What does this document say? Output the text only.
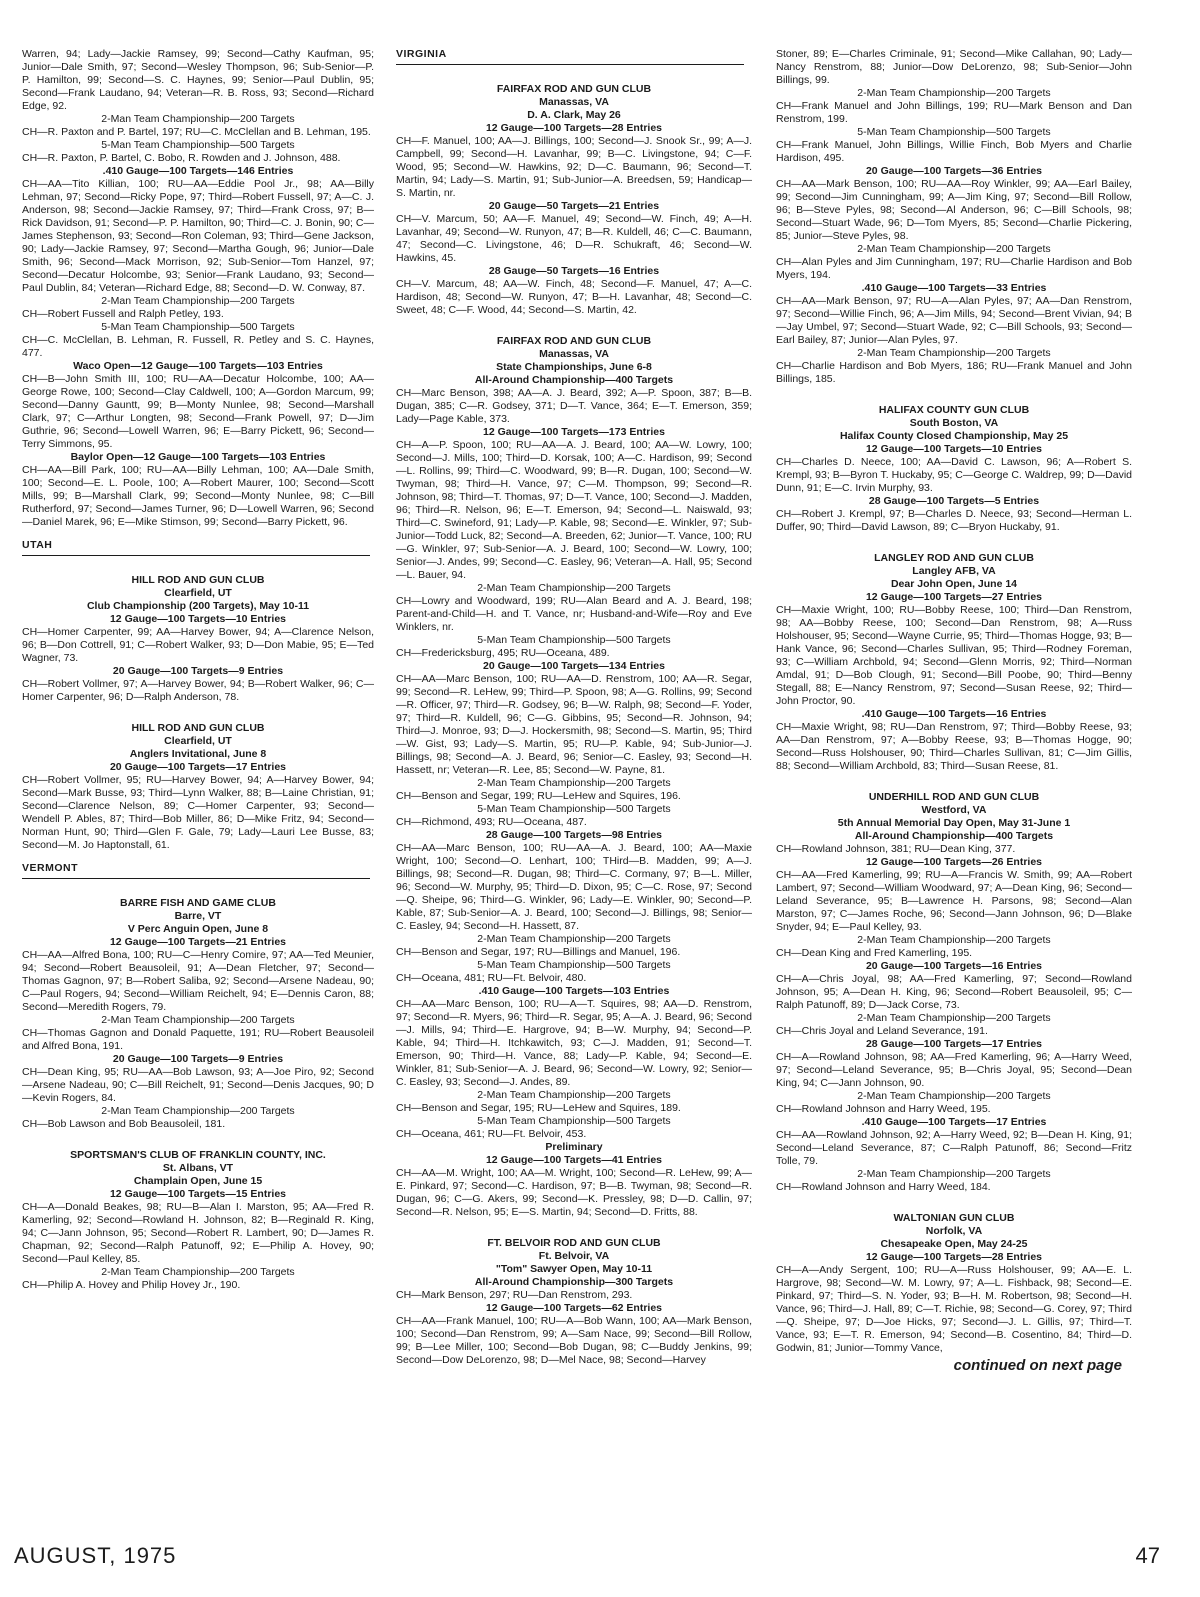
Warren, 94; Lady—Jackie Ramsey, 99; Second—Cathy Kaufman, 95; Junior—Dale Smith, 97; Second—Wesley Thompson, 96; Sub-Senior—P. P. Hamilton, 99; Second—S. C. Haynes, 99; Senior—Paul Dublin, 95; Second—Frank Laudano, 94; Veteran—R. B. Ross, 93; Second—Richard Edge, 92.
2-Man Team Championship—200 Targets
CH—R. Paxton and P. Bartel, 197; RU—C. McClellan and B. Lehman, 195.
5-Man Team Championship—500 Targets
CH—R. Paxton, P. Bartel, C. Bobo, R. Rowden and J. Johnson, 488.
.410 Gauge—100 Targets—146 Entries
CH—AA—Tito Killian, 100; RU—AA—Eddie Pool Jr., 98; AA—Billy Lehman, 97; Second—Ricky Pope, 97; Third—Robert Fussell, 97; A—C. J. Anderson, 98; Second—Jackie Ramsey, 97; Third—Frank Cross, 97; B—Rick Davidson, 91; Second—P. P. Hamilton, 90; Third—C. J. Bonin, 90; C—James Stephenson, 93; Second—Ron Coleman, 93; Third—Gene Jackson, 90; Lady—Jackie Ramsey, 97; Second—Martha Gough, 96; Junior—Dale Smith, 96; Second—Mack Morrison, 92; Sub-Senior—Tom Hanzel, 97; Second—Decatur Holcombe, 93; Senior—Frank Laudano, 93; Second—Paul Dublin, 84; Veteran—Richard Edge, 88; Second—D. W. Conway, 87.
2-Man Team Championship—200 Targets
CH—Robert Fussell and Ralph Petley, 193.
5-Man Team Championship—500 Targets
CH—C. McClellan, B. Lehman, R. Fussell, R. Petley and S. C. Haynes, 477.
Waco Open—12 Gauge—100 Targets—103 Entries
CH—B—John Smith III, 100; RU—AA—Decatur Holcombe, 100; AA—George Rowe, 100; Second—Clay Caldwell, 100; A—Gordon Marcum, 99; Second—Danny Gauntt, 99; B—Monty Nunlee, 98; Second—Marshall Clark, 97; C—Arthur Longten, 98; Second—Frank Powell, 97; D—Jim Guthrie, 96; Second—Lowell Warren, 96; E—Barry Pickett, 96; Second—Terry Simmons, 95.
Baylor Open—12 Gauge—100 Targets—103 Entries
CH—AA—Bill Park, 100; RU—AA—Billy Lehman, 100; AA—Dale Smith, 100; Second—E. L. Poole, 100; A—Robert Maurer, 100; Second—Scott Mills, 99; B—Marshall Clark, 99; Second—Monty Nunlee, 98; C—Bill Rutherford, 97; Second—James Turner, 96; D—Lowell Warren, 96; Second—Daniel Marek, 96; E—Mike Stimson, 99; Second—Barry Pickett, 96.
UTAH
HILL ROD AND GUN CLUB
Clearfield, UT
Club Championship (200 Targets), May 10-11
12 Gauge—100 Targets—10 Entries
CH—Homer Carpenter, 99; AA—Harvey Bower, 94; A—Clarence Nelson, 96; B—Don Cottrell, 91; C—Robert Walker, 93; D—Don Mabie, 95; E—Ted Wagner, 73.
20 Gauge—100 Targets—9 Entries
CH—Robert Vollmer, 97; A—Harvey Bower, 94; B—Robert Walker, 96; C—Homer Carpenter, 96; D—Ralph Anderson, 78.
HILL ROD AND GUN CLUB
Clearfield, UT
Anglers Invitational, June 8
20 Gauge—100 Targets—17 Entries
CH—Robert Vollmer, 95; RU—Harvey Bower, 94; A—Harvey Bower, 94; Second—Mark Busse, 93; Third—Lynn Walker, 88; B—Laine Christian, 91; Second—Clarence Nelson, 89; C—Homer Carpenter, 93; Second—Wendell P. Ables, 87; Third—Bob Miller, 86; D—Mike Fritz, 94; Second—Norman Hunt, 90; Third—Glen F. Gale, 79; Lady—Lauri Lee Busse, 83; Second—M. Jo Haptonstall, 61.
VERMONT
BARRE FISH AND GAME CLUB
Barre, VT
V Perc Anguin Open, June 8
12 Gauge—100 Targets—21 Entries
CH—AA—Alfred Bona, 100; RU—C—Henry Comire, 97; AA—Ted Meunier, 94; Second—Robert Beausoleil, 91; A—Dean Fletcher, 97; Second—Thomas Gagnon, 97; B—Robert Saliba, 92; Second—Arsene Nadeau, 90; C—Paul Rogers, 94; Second—William Reichelt, 94; E—Dennis Caron, 88; Second—Meredith Rogers, 79.
2-Man Team Championship—200 Targets
CH—Thomas Gagnon and Donald Paquette, 191; RU—Robert Beausoleil and Alfred Bona, 191.
20 Gauge—100 Targets—9 Entries
CH—Dean King, 95; RU—AA—Bob Lawson, 93; A—Joe Piro, 92; Second—Arsene Nadeau, 90; C—Bill Reichelt, 91; Second—Denis Jacques, 90; D—Kevin Rogers, 84.
2-Man Team Championship—200 Targets
CH—Bob Lawson and Bob Beausoleil, 181.
SPORTSMAN'S CLUB OF FRANKLIN COUNTY, INC.
St. Albans, VT
Champlain Open, June 15
12 Gauge—100 Targets—15 Entries
CH—A—Donald Beakes, 98; RU—B—Alan I. Marston, 95; AA—Fred R. Kamerling, 92; Second—Rowland H. Johnson, 82; B—Reginald R. King, 94; C—Jann Johnson, 95; Second—Robert R. Lambert, 90; D—James R. Chapman, 92; Second—Ralph Patunoff, 92; E—Philip A. Hovey, 90; Second—Paul Kelley, 85.
2-Man Team Championship—200 Targets
CH—Philip A. Hovey and Philip Hovey Jr., 190.
VIRGINIA
FAIRFAX ROD AND GUN CLUB
Manassas, VA
D. A. Clark, May 26
12 Gauge—100 Targets—28 Entries
CH—F. Manuel, 100; AA—J. Billings, 100; Second—J. Snook Sr., 99; A—J. Campbell, 99; Second—H. Lavanhar, 99; B—C. Livingstone, 94; C—F. Wood, 95; Second—W. Hawkins, 92; D—C. Baumann, 96; Second—T. Martin, 94; Lady—S. Martin, 91; Sub-Junior—A. Breedsen, 59; Handicap—S. Martin, nr.
20 Gauge—50 Targets—21 Entries
CH—V. Marcum, 50; AA—F. Manuel, 49; Second—W. Finch, 49; A—H. Lavanhar, 49; Second—W. Runyon, 47; B—R. Kuldell, 46; C—C. Baumann, 47; Second—C. Livingstone, 46; D—R. Schukraft, 46; Second—W. Hawkins, 45.
28 Gauge—50 Targets—16 Entries
CH—V. Marcum, 48; AA—W. Finch, 48; Second—F. Manuel, 47; A—C. Hardison, 48; Second—W. Runyon, 47; B—H. Lavanhar, 48; Second—C. Sweet, 48; C—F. Wood, 44; Second—S. Martin, 42.
FAIRFAX ROD AND GUN CLUB
Manassas, VA
State Championships, June 6-8
All-Around Championship—400 Targets
CH—Marc Benson, 398; AA—A. J. Beard, 392; A—P. Spoon, 387; B—B. Dugan, 385; C—R. Godsey, 371; D—T. Vance, 364; E—T. Emerson, 359; Lady—Page Kable, 373.
12 Gauge—100 Targets—173 Entries
CH—A—P. Spoon, 100; RU—AA—A. J. Beard, 100; AA—W. Lowry, 100; Second—J. Mills, 100; Third—D. Korsak, 100; A—C. Hardison, 99; Second—L. Rollins, 99; Third—C. Woodward, 99; B—R. Dugan, 100; Second—W. Twyman, 98; Third—H. Vance, 97; C—M. Thompson, 99; Second—R. Johnson, 98; Third—T. Thomas, 97; D—T. Vance, 100; Second—J. Madden, 96; Third—R. Nelson, 96; E—T. Emerson, 94; Second—L. Naiswald, 93; Third—C. Swineford, 91; Lady—P. Kable, 98; Second—E. Winkler, 97; Sub-Junior—Todd Luck, 82; Second—A. Breeden, 62; Junior—T. Vance, 100; RU—G. Winkler, 97; Sub-Senior—A. J. Beard, 100; Second—W. Lowry, 100; Senior—J. Andes, 99; Second—C. Easley, 96; Veteran—A. Hall, 95; Second—L. Bauer, 94.
2-Man Team Championship—200 Targets
CH—Lowry and Woodward, 199; RU—Alan Beard and A. J. Beard, 198; Parent-and-Child—H. and T. Vance, nr; Husband-and-Wife—Roy and Eve Winklers, nr.
5-Man Team Championship—500 Targets
CH—Fredericksburg, 495; RU—Oceana, 489.
20 Gauge—100 Targets—134 Entries
CH—AA—Marc Benson, 100; RU—AA—D. Renstrom, 100; AA—R. Segar, 99; Second—R. LeHew, 99; Third—P. Spoon, 98; A—G. Rollins, 99; Second—R. Officer, 97; Third—R. Godsey, 96; B—W. Ralph, 98; Second—F. Yoder, 97; Third—R. Kuldell, 96; C—G. Gibbins, 95; Second—R. Johnson, 94; Third—J. Monroe, 93; D—J. Hockersmith, 98; Second—S. Martin, 95; Third—W. Gist, 93; Lady—S. Martin, 95; RU—P. Kable, 94; Sub-Junior—J. Billings, 98; Second—A. J. Beard, 96; Senior—C. Easley, 93; Second—H. Hassett, nr; Veteran—R. Lee, 85; Second—W. Payne, 81.
2-Man Team Championship—200 Targets
CH—Benson and Segar, 199; RU—LeHew and Squires, 196.
5-Man Team Championship—500 Targets
CH—Richmond, 493; RU—Oceana, 487.
28 Gauge—100 Targets—98 Entries
CH—AA—Marc Benson, 100; RU—AA—A. J. Beard, 100; AA—Maxie Wright, 100; Second—O. Lenhart, 100; THird—B. Madden, 99; A—J. Billings, 98; Second—R. Dugan, 98; Third—C. Cormany, 97; B—L. Miller, 96; Second—W. Murphy, 95; Third—D. Dixon, 95; C—C. Rose, 97; Second—Q. Sheipe, 96; Third—G. Winkler, 96; Lady—E. Winkler, 90; Second—P. Kable, 87; Sub-Senior—A. J. Beard, 100; Second—J. Billings, 98; Senior—C. Easley, 94; Second—H. Hassett, 87.
2-Man Team Championship—200 Targets
CH—Benson and Segar, 197; RU—Billings and Manuel, 196.
5-Man Team Championship—500 Targets
CH—Oceana, 481; RU—Ft. Belvoir, 480.
.410 Gauge—100 Targets—103 Entries
CH—AA—Marc Benson, 100; RU—A—T. Squires, 98; AA—D. Renstrom, 97; Second—R. Myers, 96; Third—R. Segar, 95; A—A. J. Beard, 96; Second—J. Mills, 94; Third—E. Hargrove, 94; B—W. Murphy, 94; Second—P. Kable, 94; Third—H. Itchkawitch, 93; C—J. Madden, 91; Second—T. Emerson, 90; Third—H. Vance, 88; Lady—P. Kable, 94; Second—E. Winkler, 81; Sub-Senior—A. J. Beard, 96; Second—W. Lowry, 92; Senior—C. Easley, 93; Second—J. Andes, 89.
2-Man Team Championship—200 Targets
CH—Benson and Segar, 195; RU—LeHew and Squires, 189.
5-Man Team Championship—500 Targets
CH—Oceana, 461; RU—Ft. Belvoir, 453.
Preliminary
12 Gauge—100 Targets—41 Entries
CH—AA—M. Wright, 100; AA—M. Wright, 100; Second—R. LeHew, 99; A—E. Pinkard, 97; Second—C. Hardison, 97; B—B. Twyman, 98; Second—R. Dugan, 96; C—G. Akers, 99; Second—K. Pressley, 98; D—D. Callin, 97; Second—R. Nelson, 95; E—S. Martin, 94; Second—D. Fritts, 88.
FT. BELVOIR ROD AND GUN CLUB
Ft. Belvoir, VA
"Tom" Sawyer Open, May 10-11
All-Around Championship—300 Targets
CH—Mark Benson, 297; RU—Dan Renstrom, 293.
12 Gauge—100 Targets—62 Entries
CH—AA—Frank Manuel, 100; RU—A—Bob Wann, 100; AA—Mark Benson, 100; Second—Dan Renstrom, 99; A—Sam Nace, 99; Second—Bill Rollow, 99; B—Lee Miller, 100; Second—Bob Dugan, 98; C—Buddy Jenkins, 99; Second—Dow DeLorenzo, 98; D—Mel Nace, 98; Second—Harvey
Stoner, 89; E—Charles Criminale, 91; Second—Mike Callahan, 90; Lady—Nancy Renstrom, 88; Junior—Dow DeLorenzo, 98; Sub-Senior—John Billings, 99.
2-Man Team Championship—200 Targets
CH—Frank Manuel and John Billings, 199; RU—Mark Benson and Dan Renstrom, 199.
5-Man Team Championship—500 Targets
CH—Frank Manuel, John Billings, Willie Finch, Bob Myers and Charlie Hardison, 495.
20 Gauge—100 Targets—36 Entries
CH—AA—Mark Benson, 100; RU—AA—Roy Winkler, 99; AA—Earl Bailey, 99; Second—Jim Cunningham, 99; A—Jim King, 97; Second—Bill Rollow, 96; B—Steve Pyles, 98; Second—Al Anderson, 96; C—Bill Schools, 98; Second—Stuart Wade, 96; D—Tom Myers, 85; Second—Charlie Pickering, 85; Junior—Steve Pyles, 98.
2-Man Team Championship—200 Targets
CH—Alan Pyles and Jim Cunningham, 197; RU—Charlie Hardison and Bob Myers, 194.
.410 Gauge—100 Targets—33 Entries
CH—AA—Mark Benson, 97; RU—A—Alan Pyles, 97; AA—Dan Renstrom, 97; Second—Willie Finch, 96; A—Jim Mills, 94; Second—Brent Vivian, 94; B—Jay Umbel, 97; Second—Stuart Wade, 92; C—Bill Schools, 93; Second—Earl Bailey, 87; Junior—Alan Pyles, 97.
2-Man Team Championship—200 Targets
CH—Charlie Hardison and Bob Myers, 186; RU—Frank Manuel and John Billings, 185.
HALIFAX COUNTY GUN CLUB
South Boston, VA
Halifax County Closed Championship, May 25
12 Gauge—100 Targets—10 Entries
CH—Charles D. Neece, 100; AA—David C. Lawson, 96; A—Robert S. Krempl, 93; B—Byron T. Huckaby, 95; C—George C. Waldrep, 99; D—David Dunn, 91; E—C. Irvin Murphy, 93.
28 Gauge—100 Targets—5 Entries
CH—Robert J. Krempl, 97; B—Charles D. Neece, 93; Second—Herman L. Duffer, 90; Third—David Lawson, 89; C—Bryon Huckaby, 91.
LANGLEY ROD AND GUN CLUB
Langley AFB, VA
Dear John Open, June 14
12 Gauge—100 Targets—27 Entries
CH—Maxie Wright, 100; RU—Bobby Reese, 100; Third—Dan Renstrom, 98; AA—Bobby Reese, 100; Second—Dan Renstrom, 98; A—Russ Holshouser, 95; Second—Wayne Currie, 95; Third—Thomas Hogge, 93; B—Hank Vance, 96; Second—Charles Sullivan, 95; Third—Rodney Foreman, 93; C—William Archbold, 94; Second—Glenn Morris, 92; Third—Norman Amdal, 91; D—Bob Clough, 91; Second—Bill Poobe, 90; Third—Benny Stegall, 88; E—Nancy Renstrom, 97; Second—Susan Reese, 92; Third—John Proctor, 90.
.410 Gauge—100 Targets—16 Entries
CH—Maxie Wright, 98; RU—Dan Renstrom, 97; Third—Bobby Reese, 93; AA—Dan Renstrom, 97; A—Bobby Reese, 93; B—Thomas Hogge, 90; Second—Russ Holshouser, 90; Third—Charles Sullivan, 81; C—Jim Gillis, 88; Second—William Archbold, 83; Third—Susan Reese, 81.
UNDERHILL ROD AND GUN CLUB
Westford, VA
5th Annual Memorial Day Open, May 31-June 1
All-Around Championship—400 Targets
CH—Rowland Johnson, 381; RU—Dean King, 377.
12 Gauge—100 Targets—26 Entries
CH—AA—Fred Kamerling, 99; RU—A—Francis W. Smith, 99; AA—Robert Lambert, 97; Second—William Woodward, 97; A—Dean King, 96; Second—Leland Severance, 95; B—Lawrence H. Parsons, 98; Second—Alan Marston, 97; C—James Roche, 96; Second—Jann Johnson, 96; D—Blake Snyder, 94; E—Paul Kelley, 93.
2-Man Team Championship—200 Targets
CH—Dean King and Fred Kamerling, 195.
20 Gauge—100 Targets—16 Entries
CH—A—Chris Joyal, 98; AA—Fred Kamerling, 97; Second—Rowland Johnson, 95; A—Dean H. King, 96; Second—Robert Beausoleil, 95; C—Ralph Patunoff, 89; D—Jack Corse, 73.
2-Man Team Championship—200 Targets
CH—Chris Joyal and Leland Severance, 191.
28 Gauge—100 Targets—17 Entries
CH—A—Rowland Johnson, 98; AA—Fred Kamerling, 96; A—Harry Weed, 97; Second—Leland Severance, 95; B—Chris Joyal, 95; Second—Dean King, 94; C—Jann Johnson, 90.
2-Man Team Championship—200 Targets
CH—Rowland Johnson and Harry Weed, 195.
.410 Gauge—100 Targets—17 Entries
CH—AA—Rowland Johnson, 92; A—Harry Weed, 92; B—Dean H. King, 91; Second—Leland Severance, 87; C—Ralph Patunoff, 86; Second—Fritz Tolle, 79.
2-Man Team Championship—200 Targets
CH—Rowland Johnson and Harry Weed, 184.
WALTONIAN GUN CLUB
Norfolk, VA
Chesapeake Open, May 24-25
12 Gauge—100 Targets—28 Entries
CH—A—Andy Sergent, 100; RU—A—Russ Holshouser, 99; AA—E. L. Hargrove, 98; Second—W. M. Lowry, 97; A—L. Fishback, 98; Second—E. Pinkard, 97; Third—S. N. Yoder, 93; B—H. M. Robertson, 98; Second—H. Vance, 96; Third—J. Hall, 89; C—T. Richie, 98; Second—G. Corey, 97; Third—Q. Sheipe, 97; D—Joe Hicks, 97; Second—J. L. Gillis, 97; Third—T. Vance, 93; E—T. R. Emerson, 94; Second—B. Cosentino, 84; Third—D. Godwin, 81; Junior—Tommy Vance,
continued on next page
AUGUST, 1975	47
